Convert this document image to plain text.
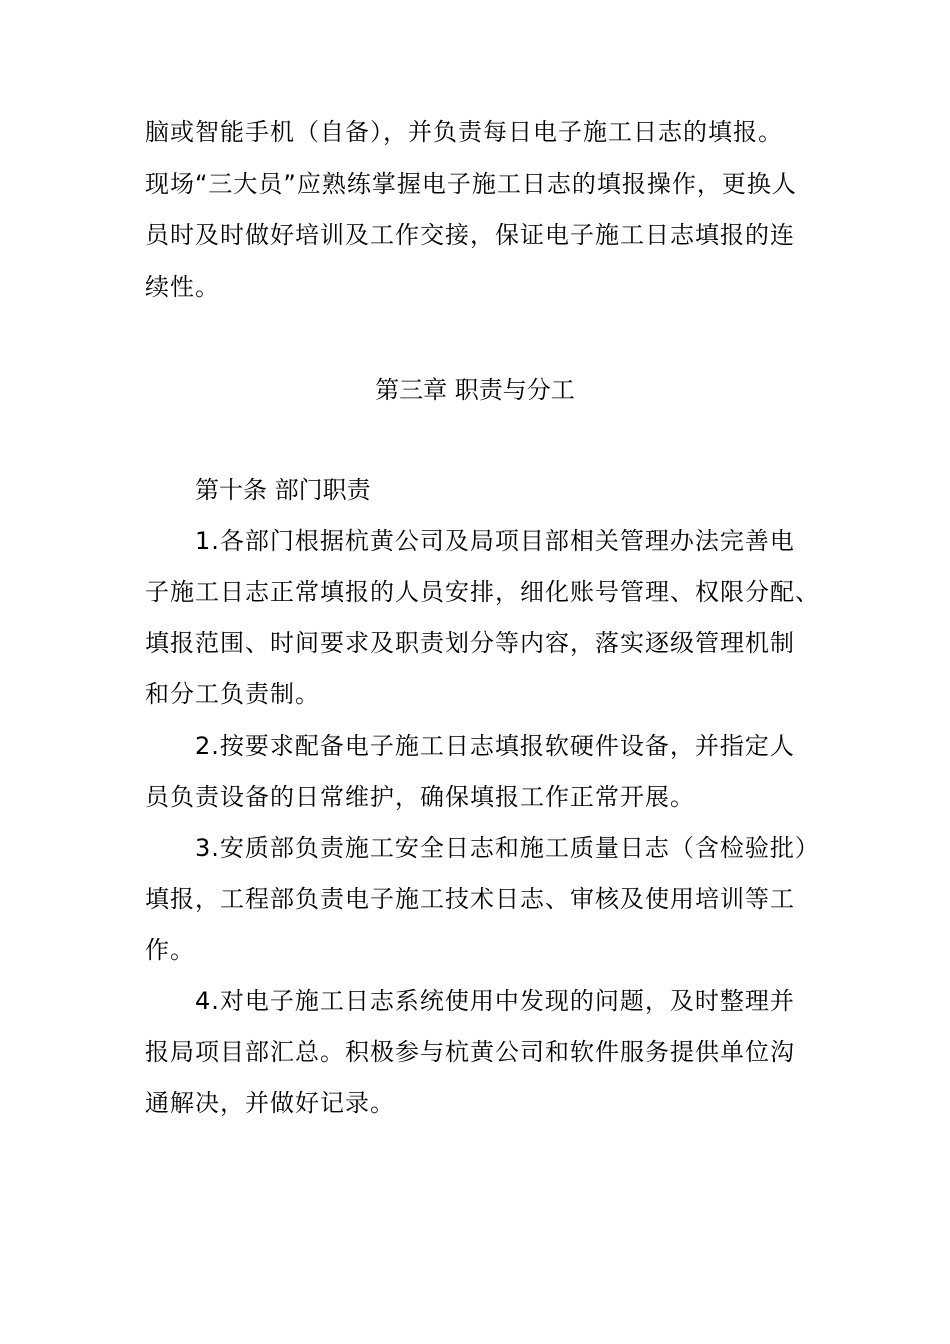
脑或智能手机（自备），并负责每日电子施工日志的填报。
现场“三大员”应熟练掌握电子施工日志的填报操作，更换人
员时及时做好培训及工作交接，保证电子施工日志填报的连
续性。
第三章 职责与分工
第十条 部门职责
1.各部门根据杭黄公司及局项目部相关管理办法完善电
子施工日志正常填报的人员安排，细化账号管理、权限分配、
填报范围、时间要求及职责划分等内容，落实逐级管理机制
和分工负责制。
2.按要求配备电子施工日志填报软硬件设备，并指定人
员负责设备的日常维护，确保填报工作正常开展。
3.安质部负责施工安全日志和施工质量日志（含检验批）
填报，工程部负责电子施工技术日志、审核及使用培训等工
作。
4.对电子施工日志系统使用中发现的问题，及时整理并
报局项目部汇总。积极参与杭黄公司和软件服务提供单位沟
通解决，并做好记录。
